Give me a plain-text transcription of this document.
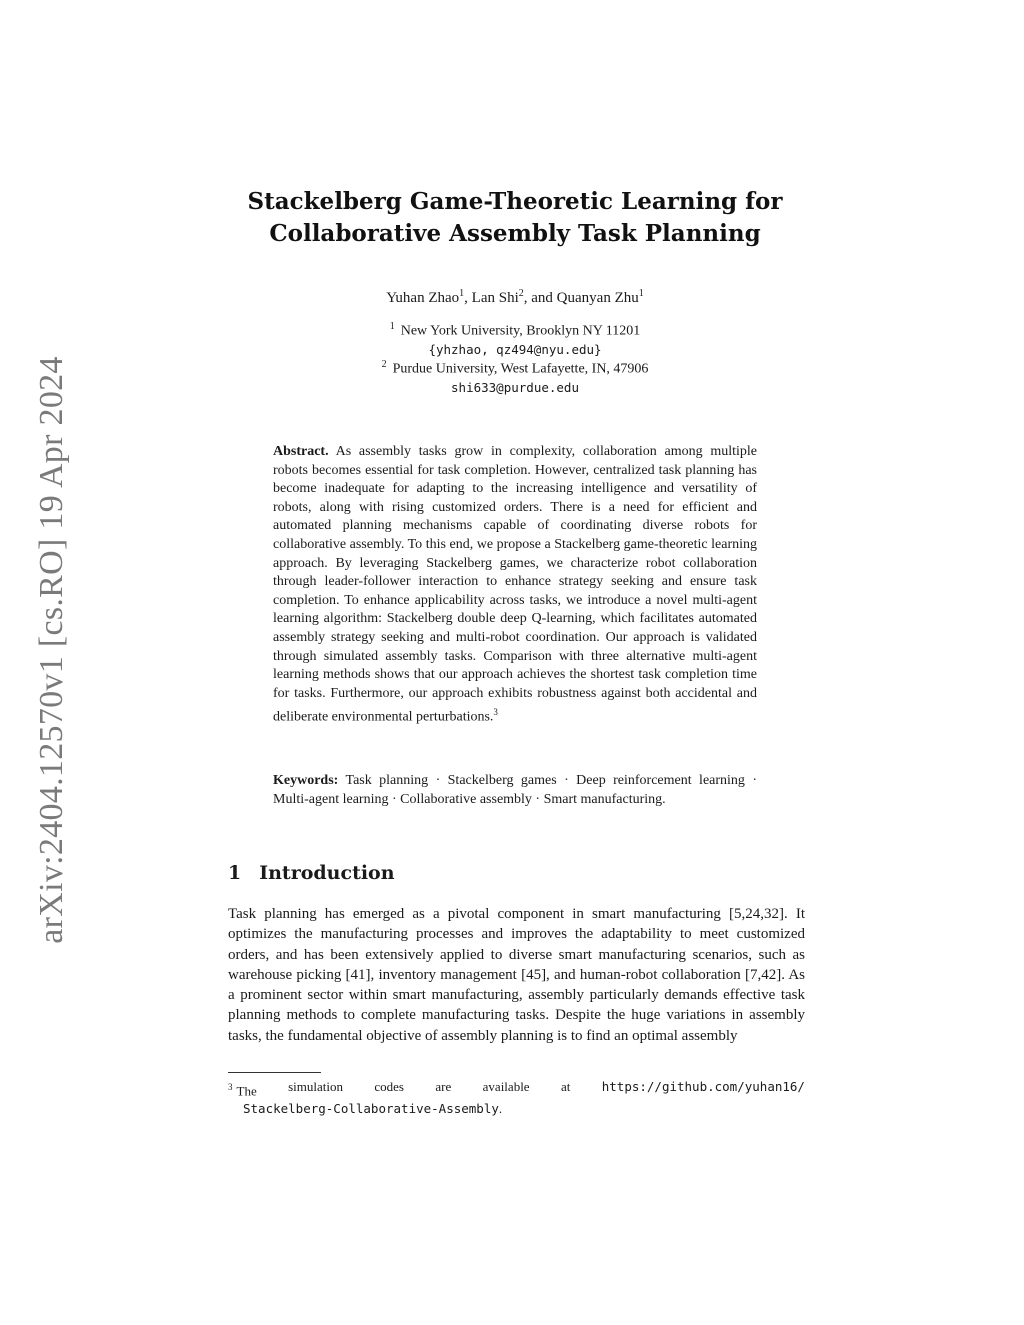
arXiv:2404.12570v1 [cs.RO] 19 Apr 2024
Stackelberg Game-Theoretic Learning for
Collaborative Assembly Task Planning
Yuhan Zhao$^1$, Lan Shi$^2$, and Quanyan Zhu$^1$
$^1$ New York University, Brooklyn NY 11201
{yhzhao, qz494@nyu.edu}
$^2$ Purdue University, West Lafayette, IN, 47906
shi633@purdue.edu
Abstract. As assembly tasks grow in complexity, collaboration among multiple robots becomes essential for task completion. However, centralized task planning has become inadequate for adapting to the increasing intelligence and versatility of robots, along with rising customized orders. There is a need for efficient and automated planning mechanisms capable of coordinating diverse robots for collaborative assembly. To this end, we propose a Stackelberg game-theoretic learning approach. By leveraging Stackelberg games, we characterize robot collaboration through leader-follower interaction to enhance strategy seeking and ensure task completion. To enhance applicability across tasks, we introduce a novel multi-agent learning algorithm: Stackelberg double deep Q-learning, which facilitates automated assembly strategy seeking and multi-robot coordination. Our approach is validated through simulated assembly tasks. Comparison with three alternative multi-agent learning methods shows that our approach achieves the shortest task completion time for tasks. Furthermore, our approach exhibits robustness against both accidental and deliberate environmental perturbations.$^3$
Keywords: Task planning · Stackelberg games · Deep reinforcement learning · Multi-agent learning · Collaborative assembly · Smart manufacturing.
1 Introduction
Task planning has emerged as a pivotal component in smart manufacturing [5,24,32]. It optimizes the manufacturing processes and improves the adaptability to meet customized orders, and has been extensively applied to diverse smart manufacturing scenarios, such as warehouse picking [41], inventory management [45], and human-robot collaboration [7,42]. As a prominent sector within smart manufacturing, assembly particularly demands effective task planning methods to complete manufacturing tasks. Despite the huge variations in assembly tasks, the fundamental objective of assembly planning is to find an optimal assembly
$^3$ The simulation codes are available at	https://github.com/yuhan16/
Stackelberg-Collaborative-Assembly.
